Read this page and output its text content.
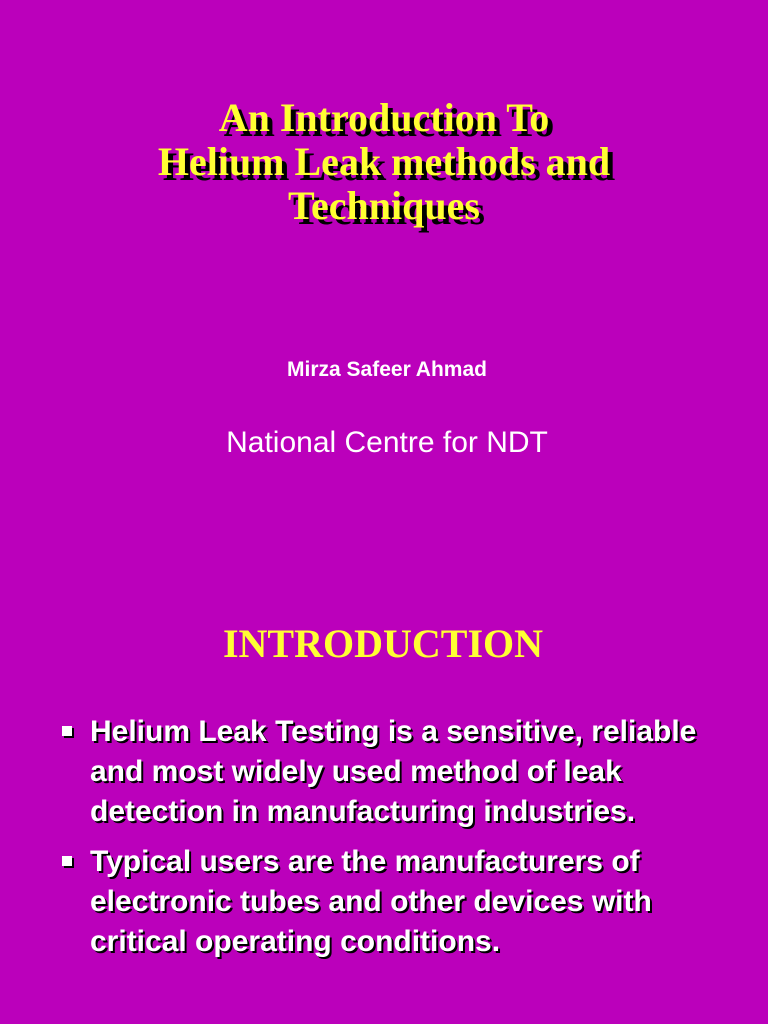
An Introduction To
Helium Leak methods and
Techniques
Mirza Safeer Ahmad
National Centre for NDT
INTRODUCTION
Helium Leak Testing is a sensitive, reliable and most widely used method of leak detection in manufacturing industries.
Typical users are the manufacturers of electronic tubes and other devices with critical operating conditions.
